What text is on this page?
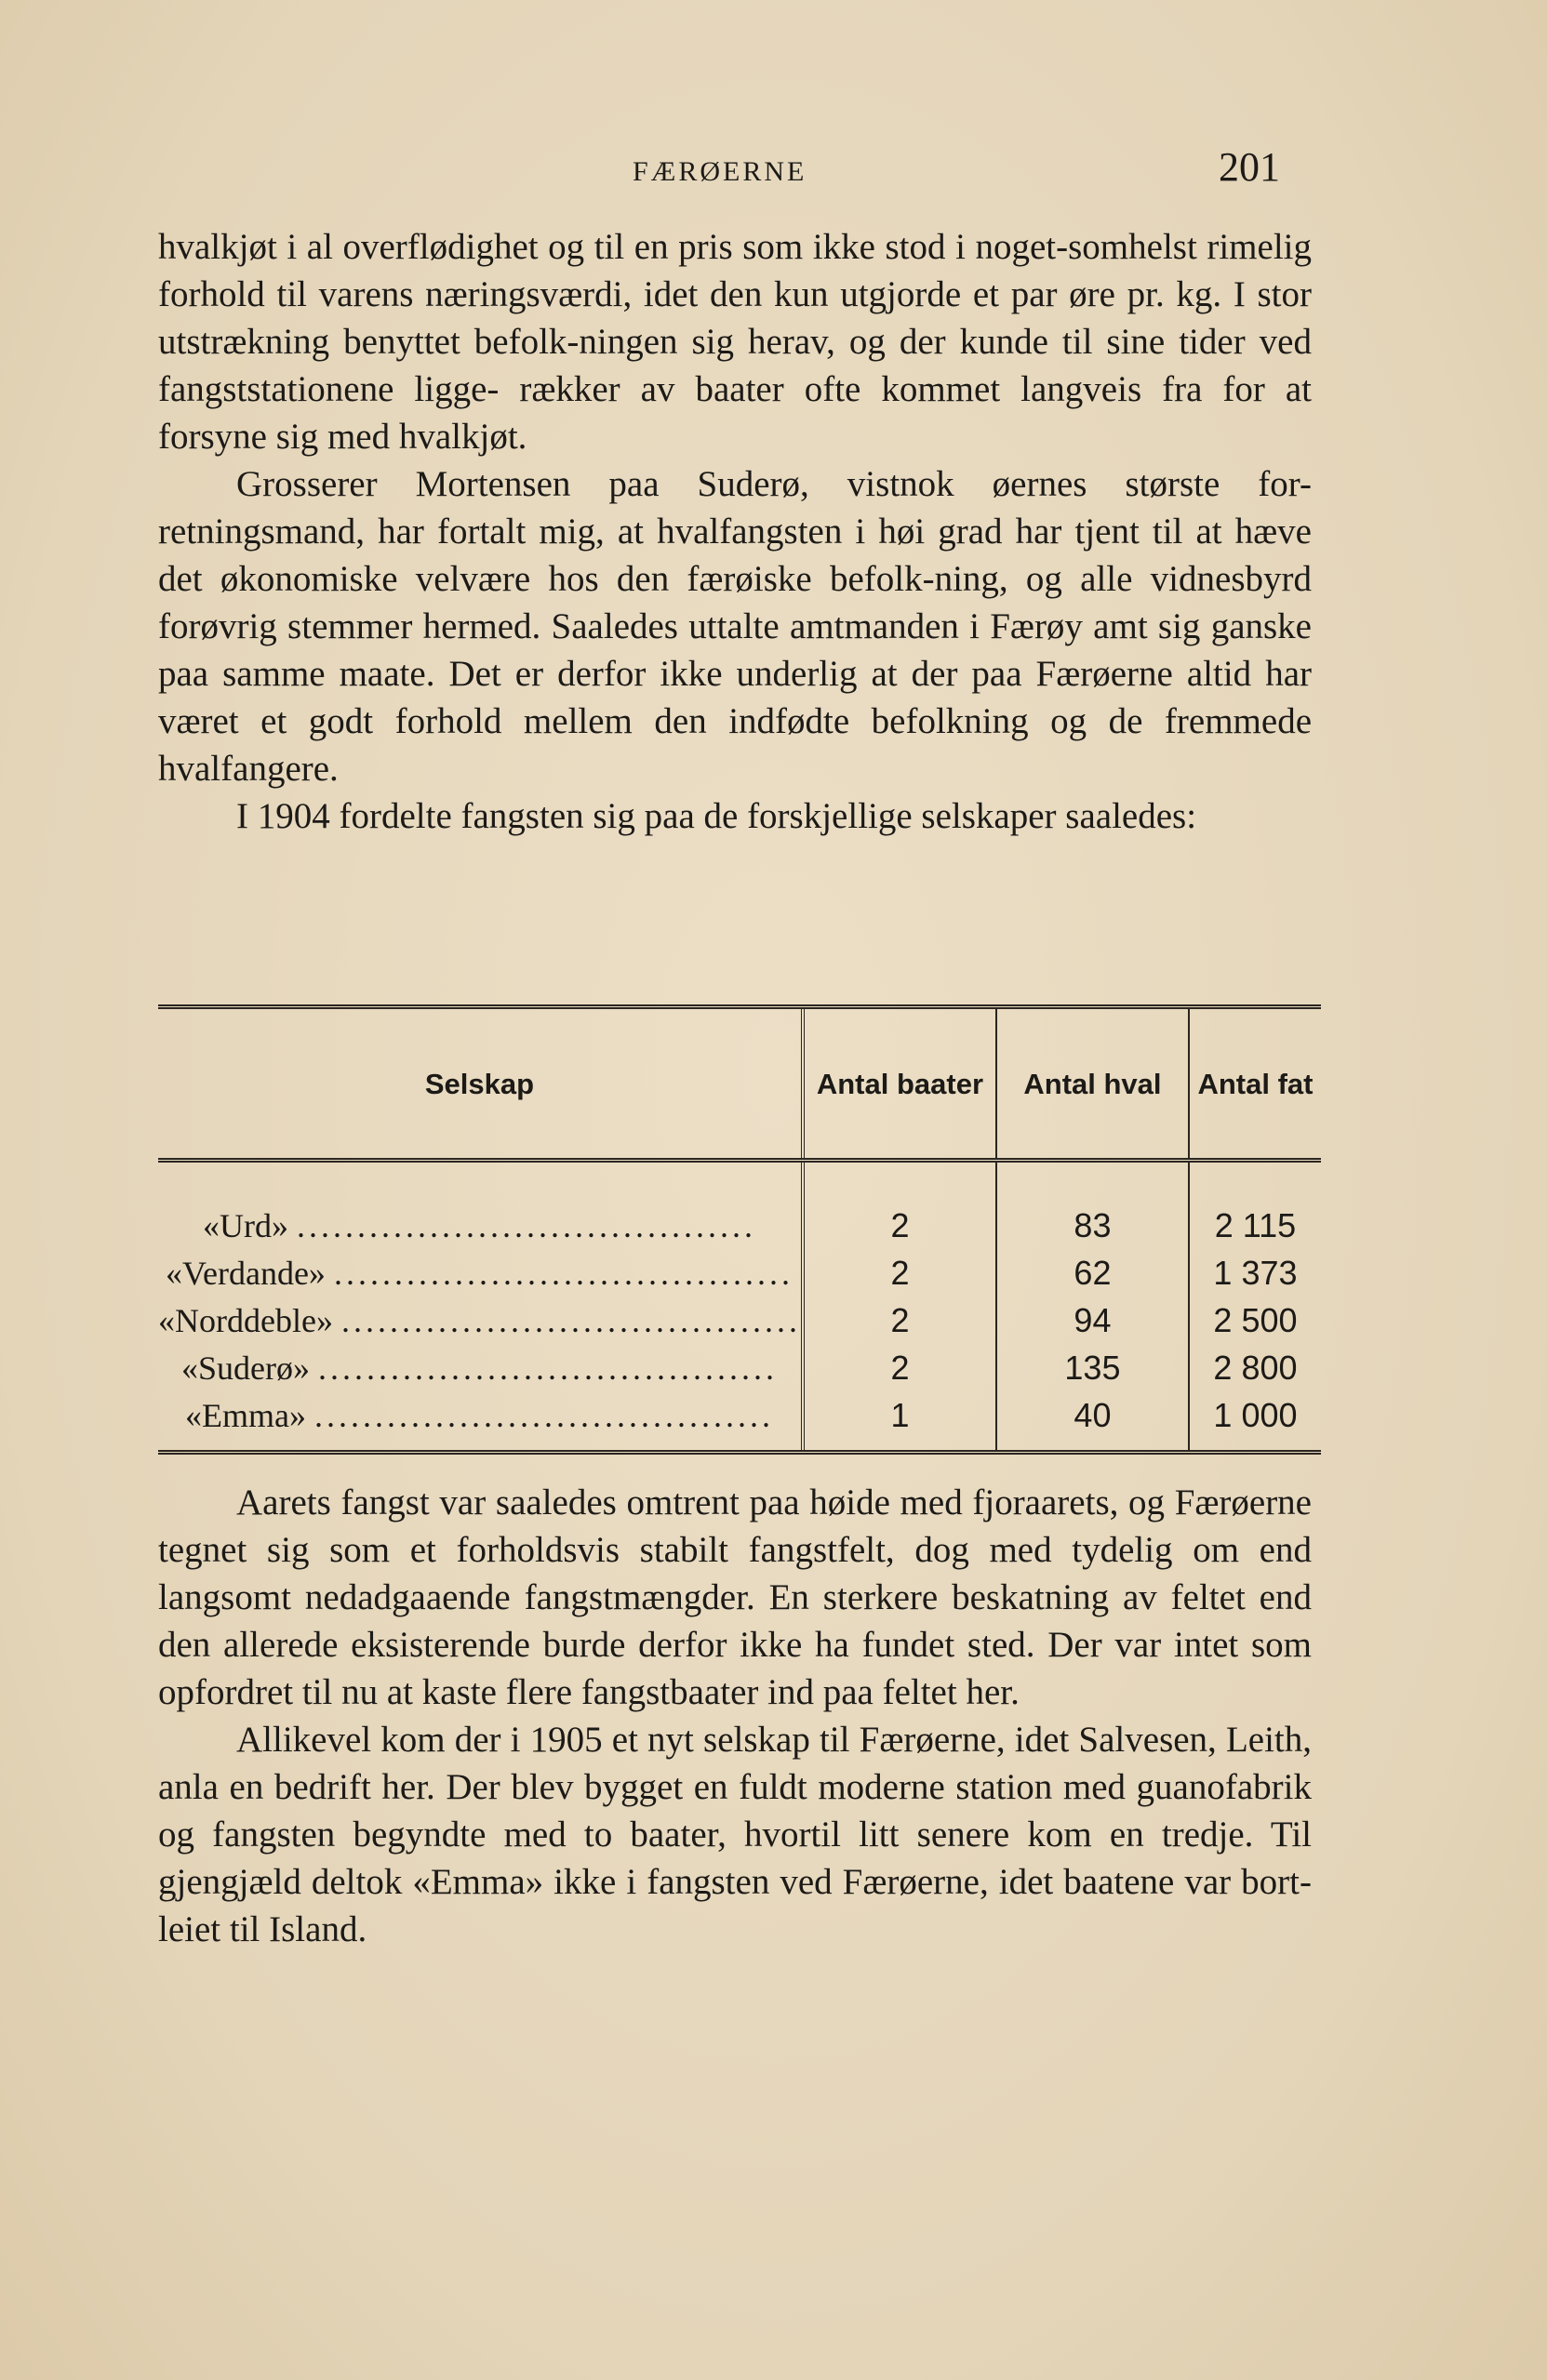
FÆRØERNE	201

hvalkjøt i al overflødighet og til en pris som ikke stod i noget-somhelst rimelig forhold til varens næringsværdi, idet den kun utgjorde et par øre pr. kg. I stor utstrækning benyttet befolk-ningen sig herav, og der kunde til sine tider ved fangststationene ligge- rækker av baater ofte kommet langveis fra for at forsyne sig med hvalkjøt.

Grosserer Mortensen paa Suderø, vistnok øernes største for-retningsmand, har fortalt mig, at hvalfangsten i høi grad har tjent til at hæve det økonomiske velvære hos den færøiske befolk-ning, og alle vidnesbyrd forøvrig stemmer hermed. Saaledes uttalte amtmanden i Færøy amt sig ganske paa samme maate. Det er derfor ikke underlig at der paa Færøerne altid har været et godt forhold mellem den indfødte befolkning og de fremmede hvalfangere.

I 1904 fordelte fangsten sig paa de forskjellige selskaper saaledes:

Selskap	Antal baater	Antal hval	Antal fat
«Urd» ......................................	2	83	2 115
«Verdande» ......................................	2	62	1 373
«Norddeble» ......................................	2	94	2 500
«Suderø» ......................................	2	135	2 800
«Emma» ......................................	1	40	1 000

Aarets fangst var saaledes omtrent paa høide med fjoraarets, og Færøerne tegnet sig som et forholdsvis stabilt fangstfelt, dog med tydelig om end langsomt nedadgaaende fangstmængder. En sterkere beskatning av feltet end den allerede eksisterende burde derfor ikke ha fundet sted. Der var intet som opfordret til nu at kaste flere fangstbaater ind paa feltet her.

Allikevel kom der i 1905 et nyt selskap til Færøerne, idet Salvesen, Leith, anla en bedrift her. Der blev bygget en fuldt moderne station med guanofabrik og fangsten begyndte med to baater, hvortil litt senere kom en tredje. Til gjengjæld deltok «Emma» ikke i fangsten ved Færøerne, idet baatene var bort-leiet til Island.
